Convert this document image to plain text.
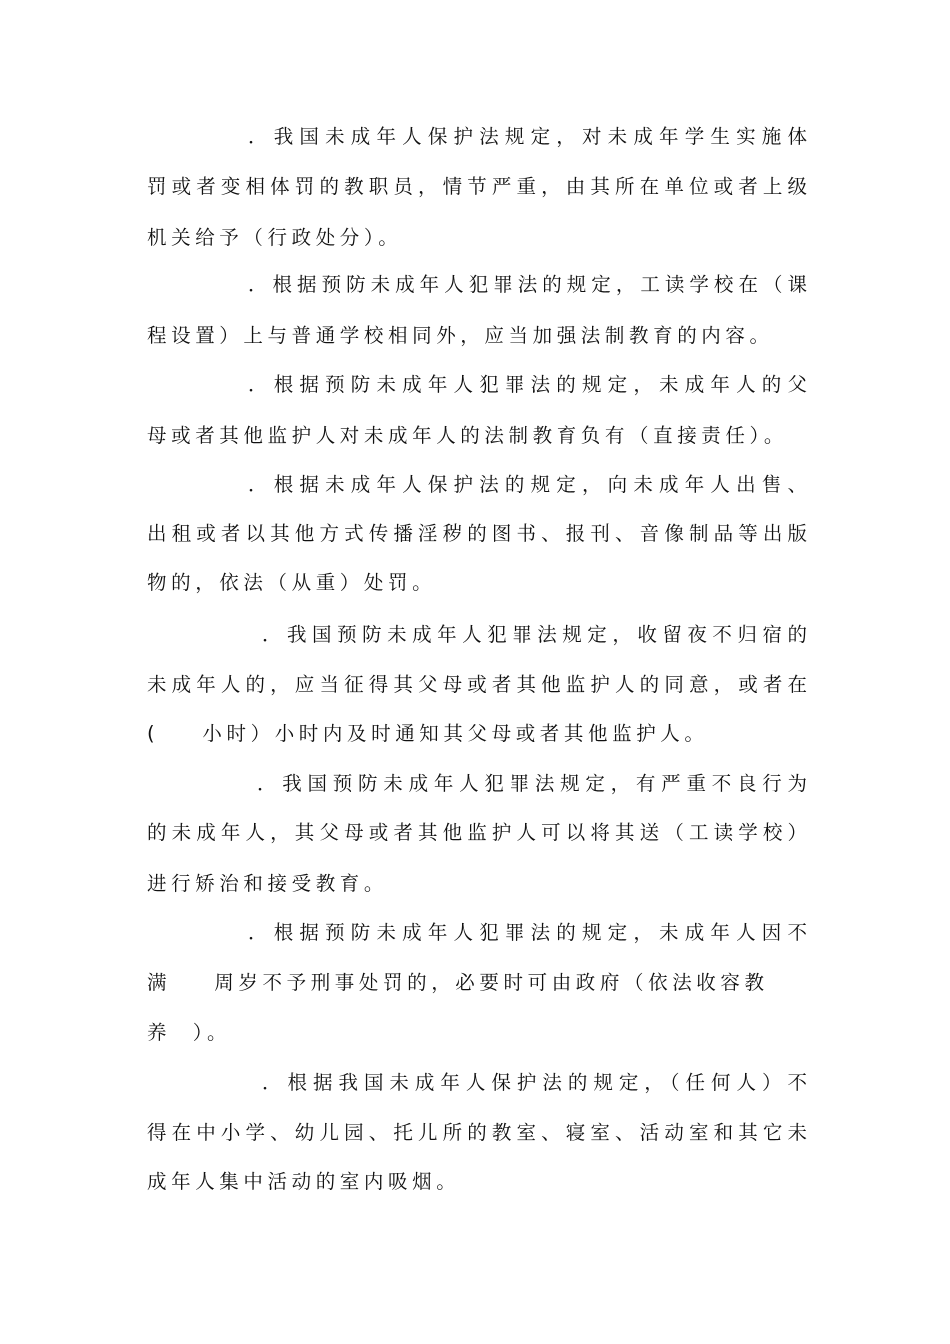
．我国未成年人保护法规定，对未成年学生实施体
罚或者变相体罚的教职员，情节严重，由其所在单位或者上级
机关给予（行政处分）。
．根据预防未成年人犯罪法的规定，工读学校在（课
程设置）上与普通学校相同外，应当加强法制教育的内容。
．根据预防未成年人犯罪法的规定，未成年人的父
母或者其他监护人对未成年人的法制教育负有（直接责任）。
．根据未成年人保护法的规定，向未成年人出售、
出租或者以其他方式传播淫秽的图书、报刊、音像制品等出版
物的，依法（从重）处罚。
．我国预防未成年人犯罪法规定，收留夜不归宿的
未成年人的，应当征得其父母或者其他监护人的同意，或者在
(    小时）小时内及时通知其父母或者其他监护人。
．我国预防未成年人犯罪法规定，有严重不良行为
的未成年人，其父母或者其他监护人可以将其送（工读学校）
进行矫治和接受教育。
．根据预防未成年人犯罪法的规定，未成年人因不
满    周岁不予刑事处罚的，必要时可由政府（依法收容教
养  ）。
．根据我国未成年人保护法的规定，（任何人）不
得在中小学、幼儿园、托儿所的教室、寝室、活动室和其它未
成年人集中活动的室内吸烟。
